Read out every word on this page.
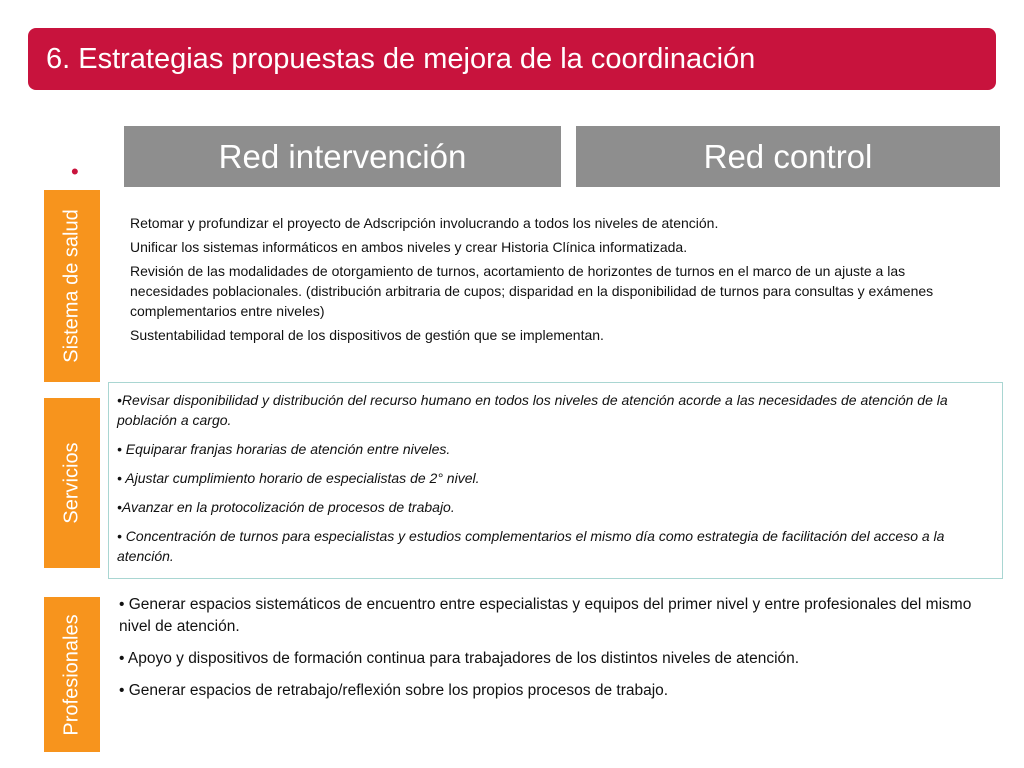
6. Estrategias propuestas de mejora de la coordinación
•	Red intervención	Red control
Sistema de salud
Servicios
Profesionales

Retomar y profundizar el proyecto de Adscripción involucrando a todos los niveles de atención.

Unificar los sistemas informáticos en ambos niveles y crear Historia Clínica informatizada.

Revisión de las modalidades de otorgamiento de turnos, acortamiento de horizontes de turnos en el marco de un ajuste a las necesidades poblacionales. (distribución arbitraria de cupos; disparidad en la disponibilidad de turnos para consultas y exámenes complementarios entre niveles)

Sustentabilidad temporal de los dispositivos de gestión que se implementan.

•Revisar disponibilidad y distribución del recurso humano en todos los niveles de atención acorde a las necesidades de atención de la población a cargo.

• Equiparar franjas horarias de atención entre niveles.

• Ajustar cumplimiento horario de especialistas de 2° nivel.

•Avanzar en la protocolización de procesos de trabajo.

• Concentración de turnos para especialistas y estudios complementarios el mismo día como estrategia de facilitación del acceso a la atención.

• Generar espacios sistemáticos de encuentro entre especialistas y equipos del primer nivel y entre profesionales del mismo nivel de atención.

• Apoyo y dispositivos de formación continua para trabajadores de los distintos niveles de atención.

• Generar espacios de retrabajo/reflexión sobre los propios procesos de trabajo.
